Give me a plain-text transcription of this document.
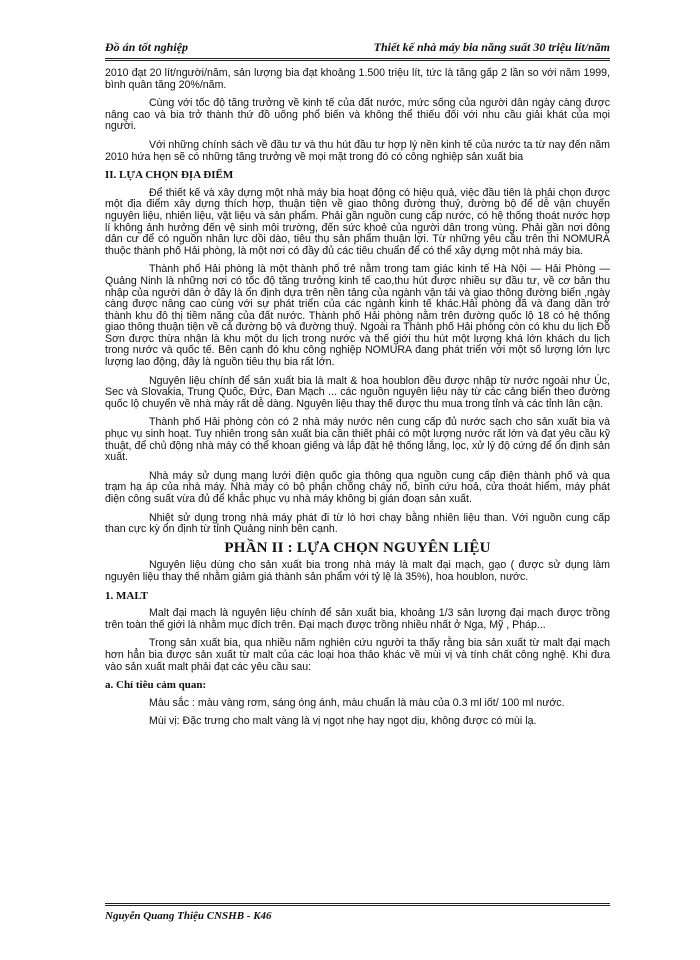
Đồ án tốt nghiệp	Thiết kế nhà máy bia năng suất 30 triệu lít/năm

2010 đạt 20 lít/người/năm, sản lượng bia đạt khoảng 1.500 triệu lít, tức là tăng gấp 2 lần so với năm 1999, bình quân tăng 20%/năm.

Cùng với tốc độ tăng trưởng về kinh tế của đất nước, mức sống của người dân ngày càng được nâng cao và bia trở thành thứ đồ uống phổ biến và không thể thiếu đối với nhu cầu giải khát của mọi người.

Với những chính sách về đầu tư và thu hút đầu tư hợp lý nền kinh tế của nước ta từ nay đến năm 2010 hứa hẹn sẽ có những tăng trưởng về mọi mặt trong đó có công nghiệp sản xuất bia

II. LỰA CHỌN ĐỊA ĐIỂM

Để thiết kế và xây dựng một nhà máy bia hoạt động có hiệu quả, việc đầu tiên là phải chọn được một địa điểm xây dựng thích hợp, thuận tiện về giao thông đường thuỷ, đường bộ để dễ vận chuyển nguyên liệu, nhiên liệu, vật liệu và sản phẩm. Phải gần nguồn cung cấp nước, có hệ thống thoát nước hợp lí không ảnh hưởng đến vệ sinh môi trường, đến sức khoẻ của người dân trong vùng. Phải gần nơi đông dân cư để có nguồn nhân lực dồi dào, tiêu thụ sản phẩm thuận lợi. Từ những yêu cầu trên thì NOMURA thuộc thành phố Hải phòng, là một nơi có đầy đủ các tiêu chuẩn để có thể xây dựng một nhà máy bia.

Thành phố Hải phòng là một thành phố trẻ nằm trong tam giác kinh tế Hà Nội — Hải Phòng — Quảng Ninh là những nơi có tốc độ tăng trưởng kinh tế cao,thu hút được nhiều sự đầu tư, về cơ bản thu nhập của người dân ở đây là ổn định dựa trên nền tảng của ngành vận tải và giao thông đường biển ,ngày càng được nâng cao cùng với sự phát triển của các ngành kinh tế khác.Hải phòng đã và đang dần trở thành khu đô thị tiềm năng của đất nước. Thành phố Hải phòng nằm trên đường quốc lộ 18 có hệ thống giao thông thuận tiện về cả đường bộ và đường thuỷ. Ngoài ra Thành phố Hải phòng còn có khu du lịch Đồ Sơn được thừa nhận là khu một du lịch trong nước và thế giới thu hút một lượng khá lớn khách du lịch trong nước và quốc tế. Bên cạnh đó khu công nghiệp NOMURA đang phát triển với một số lượng lớn lực lượng lao động, đây là nguồn tiêu thụ bia rất lớn.

Nguyên liệu chính để sản xuất bia là malt & hoa houblon đều được nhập từ nước ngoài như Úc, Sec và Slovakia, Trung Quốc, Đức, Đan Mạch ... các nguồn nguyên liệu này từ các cảng biển theo đường quốc lộ chuyển về nhà máy rất dễ dàng. Nguyên liệu thay thế được thu mua trong tỉnh và các tỉnh lân cận.

Thành phố Hải phòng còn có 2 nhà máy nước nên cung cấp đủ nước sạch cho sản xuất bia và phục vụ sinh hoạt. Tuy nhiên trong sản xuất bia cần thiết phải có một lượng nước rất lớn và đạt yêu cầu kỹ thuật, để chủ động nhà máy có thể khoan giếng và lắp đặt hệ thống lắng, lọc, xử lý độ cứng để ổn định sản xuất.

Nhà máy sử dụng mạng lưới điện quốc gia thông qua nguồn cung cấp điện thành phố và qua trạm hạ áp của nhà máy. Nhà máy có bộ phận chống cháy nổ, bình cứu hoả, cửa thoát hiểm, máy phát điện công suất vừa đủ để khắc phục vụ nhà máy không bị gián đoạn sản xuất.

Nhiệt sử dụng trong nhà máy phát đi từ lò hơi chạy bằng nhiên liệu than. Với nguồn cung cấp than cực kỳ ổn định từ tỉnh Quảng ninh bên cạnh.

PHẦN II : LỰA CHỌN NGUYÊN LIỆU

Nguyên liệu dùng cho sản xuất bia trong nhà máy là malt đại mạch, gạo ( được sử dụng làm nguyên liệu thay thế nhằm giảm giá thành sản phẩm với tỷ lệ là 35%), hoa houblon, nước.

1. MALT

Malt đại mạch là nguyên liệu chính để sản xuất bia, khoảng 1/3 sản lượng đại mạch được trồng trên toàn thế giới là nhằm mục đích trên. Đại mạch được trồng nhiều nhất ở Nga, Mỹ , Pháp...

Trong sản xuất bia, qua nhiều năm nghiên cứu người ta thấy rằng bia sản xuất từ malt đại mạch hơn hẳn bia được sản xuất từ malt của các loại hoa thảo khác về mùi vị và tính chất công nghệ. Khi đưa vào sản xuất malt phải đạt các yêu cầu sau:

a. Chỉ tiêu cảm quan:

Màu sắc : màu vàng rơm, sáng óng ánh, màu chuẩn là màu của 0.3 ml iốt/ 100 ml nước.

Mùi vị: Đặc trưng cho malt vàng là vị ngọt nhẹ hay ngọt dịu, không được có mùi lạ.

Nguyễn Quang Thiệu CNSHB - K46
